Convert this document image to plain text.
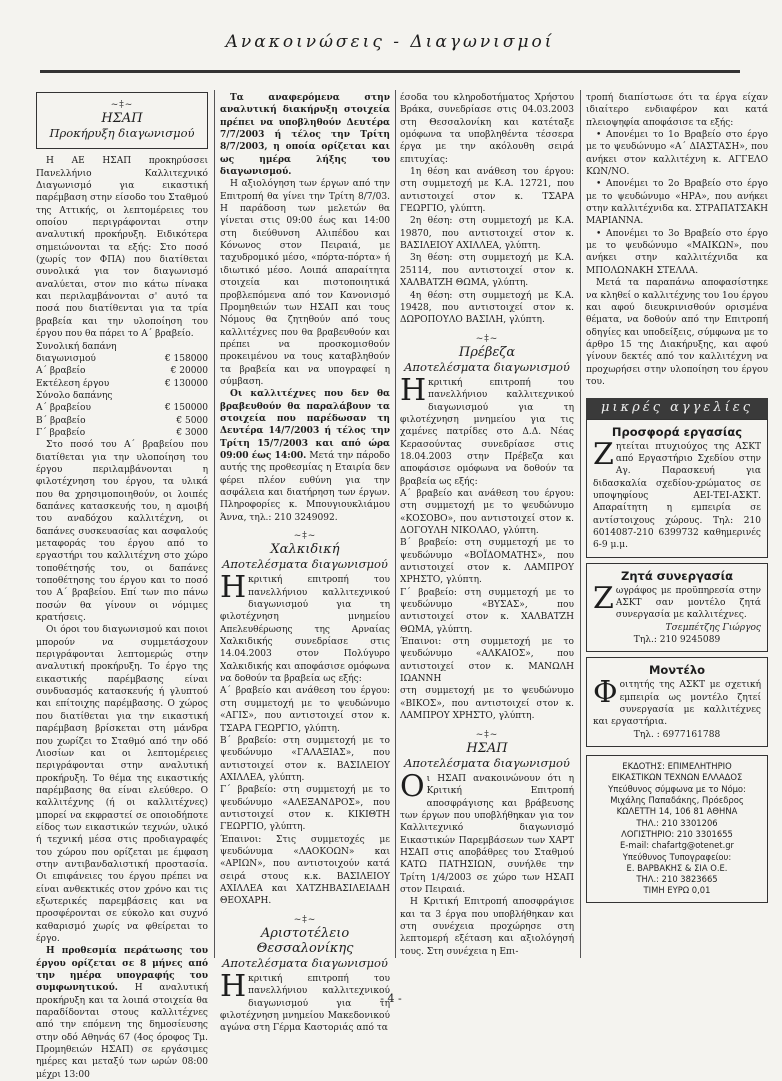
Ανακοινώσεις - Διαγωνισμοί
~‡~
ΗΣΑΠ
Προκήρυξη διαγωνισμού

Η ΑΕ ΗΣΑΠ προκηρύσσει Πανελλήνιο Καλλιτεχνικό Διαγωνισμό για εικαστική παρέμβαση στην είσοδο του Σταθμού της Αττικής, οι λεπτομέρειες του οποίου περιγράφονται στην αναλυτική προκήρυξη. Ειδικότερα σημειώνονται τα εξής: Στο ποσό (χωρίς τον ΦΠΑ) που διατίθεται συνολικά για τον διαγωνισμό αναλύεται, στον πιο κάτω πίνακα και περιλαμβάνονται σ' αυτό τα ποσά που διατίθενται για τα τρία βραβεία και την υλοποίηση του έργου που θα πάρει το Α΄ βραβείο.

Συνολική δαπάνη

διαγωνισμού	€ 158000
Α΄ βραβείο	€ 20000
Εκτέλεση έργου	€ 130000

Σύνολο δαπάνης

Α΄ βραβείου	€ 150000
Β΄ βραβείο	€ 5000
Γ΄ βραβείο	€ 3000

Στο ποσό του Α΄ βραβείου που διατίθεται για την υλοποίηση του έργου περιλαμβάνονται η φιλοτέχνηση του έργου, τα υλικά που θα χρησιμοποιηθούν, οι λοιπές δαπάνες κατασκευής του, η αμοιβή του αναδόχου καλλιτέχνη, οι δαπάνες συσκευασίας και ασφαλούς μεταφοράς του έργου από το εργαστήρι του καλλιτέχνη στο χώρο τοποθέτησής του, οι δαπάνες τοποθέτησης του έργου και το ποσό του Α΄ βραβείου. Επί των πιο πάνω ποσών θα γίνουν οι νόμιμες κρατήσεις.

Οι όροι του διαγωνισμού και ποιοι μπορούν να συμμετάσχουν περιγράφονται λεπτομερώς στην αναλυτική προκήρυξη. Το έργο της εικαστικής παρέμβασης είναι συνδυασμός κατασκευής ή γλυπτού και επίτοιχης παρέμβασης. Ο χώρος που διατίθεται για την εικαστική παρέμβαση βρίσκεται στη μάνδρα που χωρίζει το Σταθμό από την οδό Λιοσίων και οι λεπτομέρειες περιγράφονται στην αναλυτική προκήρυξη. Το θέμα της εικαστικής παρέμβασης θα είναι ελεύθερο. Ο καλλιτέχνης (ή οι καλλιτέχνες) μπορεί να εκφραστεί σε οποιοδήποτε είδος των εικαστικών τεχνών, υλικό ή τεχνική μέσα στις προδιαγραφές του χώρου που ορίζεται με έμφαση στην αντιβανδαλιστική προστασία. Οι επιφάνειες του έργου πρέπει να είναι ανθεκτικές στον χρόνο και τις εξωτερικές παρεμβάσεις και να προσφέρονται σε εύκολο και συχνό καθαρισμό χωρίς να φθείρεται το έργο.

Η προθεσμία περάτωσης του έργου ορίζεται σε 8 μήνες από την ημέρα υπογραφής του συμφωνητικού. Η αναλυτική προκήρυξη και τα λοιπά στοιχεία θα παραδίδονται στους καλλιτέχνες από την επόμενη της δημοσίευσης στην οδό Αθηνάς 67 (4ος όροφος Τμ. Προμηθειών ΗΣΑΠ) σε εργάσιμες ημέρες και μεταξύ των ωρών 08:00 μέχρι 13:00

Τα αναφερόμενα στην αναλυτική διακήρυξη στοιχεία πρέπει να υποβληθούν Δευτέρα 7/7/2003 ή τέλος την Τρίτη 8/7/2003, η οποία ορίζεται και ως ημέρα λήξης του διαγωνισμού.

Η αξιολόγηση των έργων από την Επιτροπή θα γίνει την Τρίτη 8/7/03. Η παράδοση των μελετών θα γίνεται στις 09:00 έως και 14:00 στη διεύθυνση Αλιπέδου και Κόνωνος στον Πειραιά, με ταχυδρομικό μέσο, «πόρτα-πόρτα» ή ιδιωτικό μέσο. Λοιπά απαραίτητα στοιχεία και πιστοποιητικά προβλεπόμενα από τον Κανονισμό Προμηθειών των ΗΣΑΠ και τους Νόμους θα ζητηθούν από τους καλλιτέχνες που θα βραβευθούν και πρέπει να προσκομισθούν προκειμένου να τους καταβληθούν τα βραβεία και να υπογραφεί η σύμβαση.

Οι καλλιτέχνες που δεν θα βραβευθούν θα παραλάβουν τα στοιχεία που παρέδωσαν τη Δευτέρα 14/7/2003 ή τέλος την Τρίτη 15/7/2003 και από ώρα 09:00 έως 14:00. Μετά την πάροδο αυτής της προθεσμίας η Εταιρία δεν φέρει πλέον ευθύνη για την ασφάλεια και διατήρηση των έργων. Πληροφορίες κ. Μπουγιουκλιάμου Άννα, τηλ.: 210 3249092.

~‡~
Χαλκιδική
Αποτελέσματα διαγωνισμού

Ηκριτική επιτροπή του πανελλήνιου καλλιτεχνικού διαγωνισμού για τη φιλοτέχνηση μνημείου Απελευθέρωσης της Αρναίας Χαλκιδικής συνεδρίασε στις 14.04.2003 στον Πολύγυρο Χαλκιδικής και αποφάσισε ομόφωνα να δοθούν τα βραβεία ως εξής:

Α΄ βραβείο και ανάθεση του έργου: στη συμμετοχή με το ψευδώνυμο «ΑΓΙΣ», που αντιστοιχεί στον κ. ΤΣΑΡΑ ΓΕΩΡΓΙΟ, γλύπτη.

Β΄ βραβείο: στη συμμετοχή με το ψευδώνυμο «ΓΑΛΑΞΙΑΣ», που αντιστοιχεί στον κ. ΒΑΣΙΛΕΙΟΥ ΑΧΙΛΛΕΑ, γλύπτη.

Γ΄ βραβείο: στη συμμετοχή με το ψευδώνυμο «ΑΛΕΞΑΝΔΡΟΣ», που αντιστοιχεί στον κ. ΚΙΚΙΘΤΗ ΓΕΩΡΓΙΟ, γλύπτη.

Έπαινοι: Στις συμμετοχές με ψευδώνυμα «ΛΑΟΚΟΩΝ» και «ΑΡΙΩΝ», που αντιστοιχούν κατά σειρά στους κ.κ. ΒΑΣΙΛΕΙΟΥ ΑΧΙΛΛΕΑ και ΧΑΤΖΗΒΑΣΙΛΕΙΑΔΗ ΘΕΟΧΑΡΗ.

~‡~
Αριστοτέλειο Θεσσαλονίκης
Αποτελέσματα διαγωνισμού

Ηκριτική επιτροπή του πανελλήνιου καλλιτεχνικού διαγωνισμού για τη φιλοτέχνηση μνημείου Μακεδονικού αγώνα στη Γέρμα Καστοριάς από τα

έσοδα του κληροδοτήματος Χρήστου Βράκα, συνεδρίασε στις 04.03.2003 στη Θεσσαλονίκη και κατέταξε ομόφωνα τα υποβληθέντα τέσσερα έργα με την ακόλουθη σειρά επιτυχίας:

1η θέση και ανάθεση του έργου: στη συμμετοχή με Κ.Α. 12721, που αντιστοιχεί στον κ. ΤΣΑΡΑ ΓΕΩΡΓΙΟ, γλύπτη.

2η θέση: στη συμμετοχή με Κ.Α. 19870, που αντιστοιχεί στον κ. ΒΑΣΙΛΕΙΟΥ ΑΧΙΛΛΕΑ, γλύπτη.

3η θέση: στη συμμετοχή με Κ.Α. 25114, που αντιστοιχεί στον κ. ΧΑΛΒΑΤΖΗ ΘΩΜΑ, γλύπτη.

4η θέση: στη συμμετοχή με Κ.Α. 19428, που αντιστοιχεί στον κ. ΔΩΡΟΠΟΥΛΟ ΒΑΣΙΛΗ, γλύπτη.

~‡~
Πρέβεζα
Αποτελέσματα διαγωνισμού

Ηκριτική επιτροπή του πανελλήνιου καλλιτεχνικού διαγωνισμού για τη φιλοτέχνηση μνημείου για τις χαμένες πατρίδες στο Δ.Δ. Νέας Κερασούντας συνεδρίασε στις 18.04.2003 στην Πρέβεζα και αποφάσισε ομόφωνα να δοθούν τα βραβεία ως εξής:

Α΄ βραβείο και ανάθεση του έργου: στη συμμετοχή με το ψευδώνυμο «ΚΟΣΟΒΟ», που αντιστοιχεί στον κ. ΔΟΓΟΥΛΗ ΝΙΚΟΛΑΟ, γλύπτη.

Β΄ βραβείο: στη συμμετοχή με το ψευδώνυμο «ΒΟΪΔΟΜΑΤΗΣ», που αντιστοιχεί στον κ. ΛΑΜΠΡΟΥ ΧΡΗΣΤΟ, γλύπτη.

Γ΄ βραβείο: στη συμμετοχή με το ψευδώνυμο «ΒΥΣΑΣ», που αντιστοιχεί στον κ. ΧΑΛΒΑΤΖΗ ΘΩΜΑ, γλύπτη.

Έπαινοι: στη συμμετοχή με το ψευδώνυμο «ΑΛΚΑΙΟΣ», που αντιστοιχεί στον κ. ΜΑΝΩΛΗ ΙΩΑΝΝΗ

στη συμμετοχή με το ψευδώνυμο «ΒΙΚΟΣ», που αντιστοιχεί στον κ. ΛΑΜΠΡΟΥ ΧΡΗΣΤΟ, γλύπτη.

~‡~
ΗΣΑΠ
Αποτελέσματα διαγωνισμού

Οι ΗΣΑΠ ανακοινώνουν ότι η Κριτική Επιτροπή αποσφράγισης και βράβευσης των έργων που υποβλήθηκαν για τον Καλλιτεχνικό διαγωνισμό Εικαστικών Παρεμβάσεων των ΧΑΡΤ ΗΣΑΠ στις αποβάθρες του Σταθμού ΚΑΤΩ ΠΑΤΗΣΙΩΝ, συνήλθε την Τρίτη 1/4/2003 σε χώρο των ΗΣΑΠ στον Πειραιά.

Η Κριτική Επιτροπή αποσφράγισε και τα 3 έργα που υποβλήθηκαν και στη συνέχεια προχώρησε στη λεπτομερή εξέταση και αξιολόγησή τους. Στη συνέχεια η Επι-

τροπή διαπίστωσε ότι τα έργα είχαν ιδιαίτερο ενδιαφέρον και κατά πλειοψηφία αποφάσισε τα εξής:

• Απονέμει το 1ο Βραβείο στο έργο με το ψευδώνυμο «Α΄ ΔΙΑΣΤΑΣΗ», που ανήκει στον καλλιτέχνη κ. ΑΓΓΕΛΟ ΚΩΝ/ΝΟ.

• Απονέμει το 2ο Βραβείο στο έργο με το ψευδώνυμο «ΗΡΑ», που ανήκει στην καλλιτέχνιδα κα. ΣΤΡΑΠΑΤΣΑΚΗ ΜΑΡΙΑΝΝΑ.

• Απονέμει το 3ο Βραβείο στο έργο με το ψευδώνυμο «ΜΑΙΚΩΝ», που ανήκει στην καλλιτέχνιδα κα ΜΠΟΛΩΝΑΚΗ ΣΤΕΛΛΑ.

Μετά τα παραπάνω αποφασίστηκε να κληθεί ο καλλιτέχνης του 1ου έργου και αφού διευκρινισθούν ορισμένα θέματα, να δοθούν από την Επιτροπή οδηγίες και υποδείξεις, σύμφωνα με το άρθρο 15 της Διακήρυξης, και αφού γίνουν δεκτές από τον καλλιτέχνη να προχωρήσει στην υλοποίηση του έργου του.

μικρές αγγελίες
Προσφορά εργασίας

Ζητείται πτυχιούχος της ΑΣΚΤ από Εργαστήριο Σχεδίου στην Αγ. Παρασκευή για διδασκαλία σχεδίου-χρώματος σε υποψηφίους ΑΕΙ-ΤΕΙ-ΑΣΚΤ. Απαραίτητη η εμπειρία σε αντίστοιχους χώρους. Τηλ: 210 6014087-210 6399732 καθημερινές 6-9 μ.μ.

Ζητά συνεργασία

Ζωγράφος με προϋπηρεσία στην ΑΣΚΤ σαν μοντέλο ζητά συνεργασία με καλλιτέχνες.

Τσεμπέτζης Γιώργος
Τηλ.: 210 9245089
Μοντέλο

Φοιτητής της ΑΣΚΤ με σχετική εμπειρία ως μοντέλο ζητεί συνεργασία με καλλιτέχνες και εργαστήρια.

Τηλ. : 6977161788
ΕΚΔΟΤΗΣ: ΕΠΙΜΕΛΗΤΗΡΙΟ
ΕΙΚΑΣΤΙΚΩΝ ΤΕΧΝΩΝ ΕΛΛΑΔΟΣ
Υπεύθυνος σύμφωνα με το Νόμο:
Μιχάλης Παπαδάκης, Πρόεδρος
ΚΩΛΕΤΤΗ 14, 106 81 ΑΘΗΝΑ
ΤΗΛ.: 210 3301206
ΛΟΓΙΣΤΗΡΙΟ: 210 3301655
E-mail: chafartg@otenet.gr
Υπεύθυνος Τυπογραφείου:
Ε. ΒΑΡΒΑΚΗΣ & ΣΙΑ Ο.Ε.
ΤΗΛ.: 210 3823665
ΤΙΜΗ ΕΥΡΩ 0,01
- 4 -
